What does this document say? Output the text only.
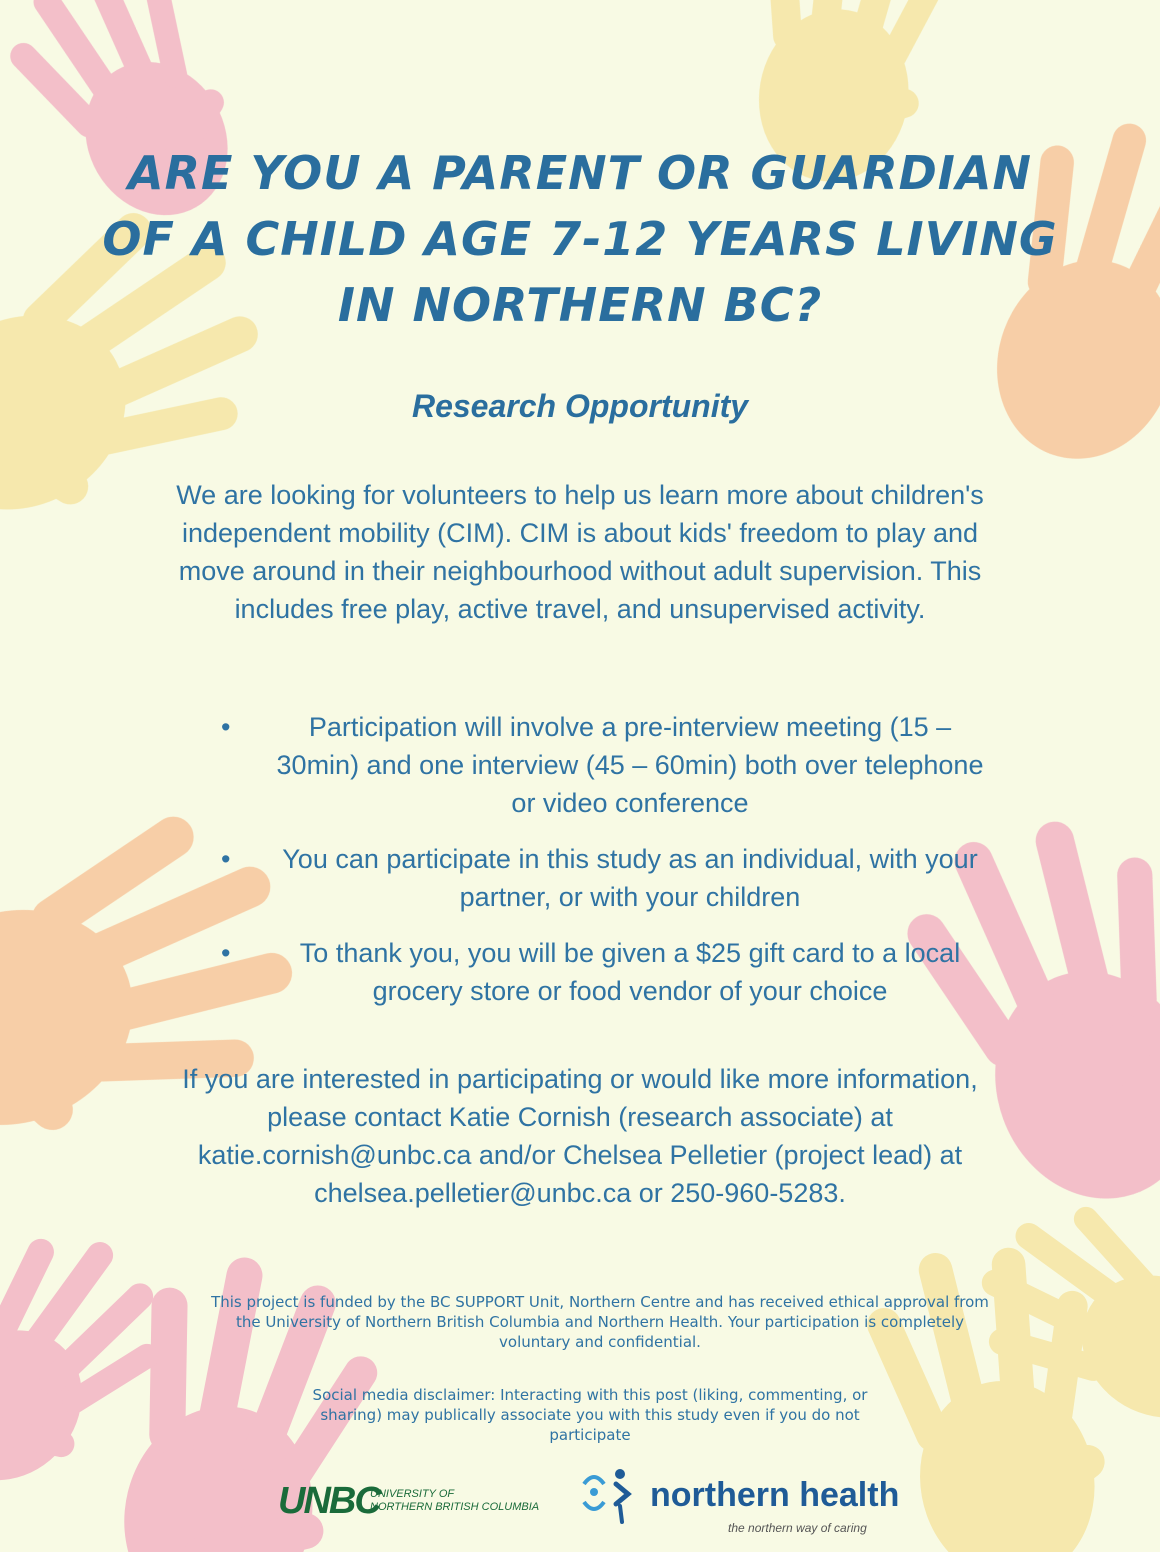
ARE YOU A PARENT OR GUARDIAN
OF A CHILD AGE 7-12 YEARS LIVING
IN NORTHERN BC?
Research Opportunity

We are looking for volunteers to help us learn more about children's independent mobility (CIM). CIM is about kids' freedom to play and move around in their neighbourhood without adult supervision. This includes free play, active travel, and unsupervised activity.

•	Participation will involve a pre-interview meeting (15 – 30min) and one interview (45 – 60min) both over telephone or video conference
• You can participate in this study as an individual, with your partner, or with your children
•	To thank you, you will be given a $25 gift card to a local grocery store or food vendor of your choice

If you are interested in participating or would like more information, please contact Katie Cornish (research associate) at katie.cornish@unbc.ca and/or Chelsea Pelletier (project lead) at chelsea.pelletier@unbc.ca or 250-960-5283.

This project is funded by the BC SUPPORT Unit, Northern Centre and has received ethical approval from the University of Northern British Columbia and Northern Health. Your participation is completely voluntary and confidential.

Social media disclaimer: Interacting with this post (liking, commenting, or sharing) may publically associate you with this study even if you do not participate

UNBC
UNIVERSITY OF
NORTHERN BRITISH COLUMBIA	northern health
the northern way of caring
